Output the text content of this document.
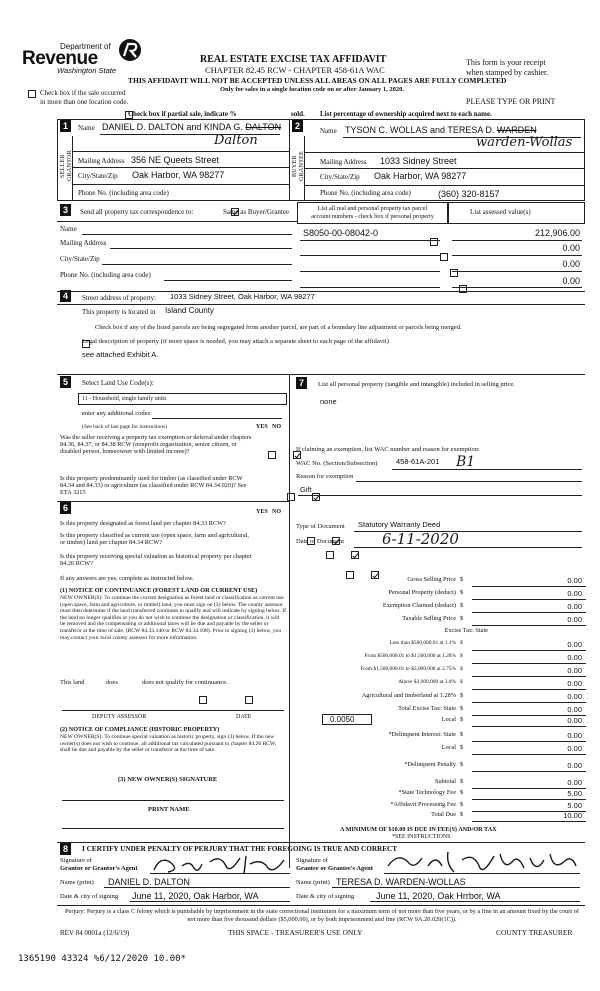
Department of
Revenue
Washington State
REAL ESTATE EXCISE TAX AFFIDAVIT
CHAPTER 82.45 RCW - CHAPTER 458-61A WAC
THIS AFFIDAVIT WILL NOT BE ACCEPTED UNLESS ALL AREAS ON ALL PAGES ARE FULLY COMPLETED
Only for sales in a single location code on or after January 1, 2020.
This form is your receipt
when stamped by cashier.
PLEASE TYPE OR PRINT

Check box if the sale occurred
in more than one location code.

Check box if partial sale, indicate %	sold. List percentage of ownership acquired next to each name.
1
SELLER GRANTOR
Name DANIEL D. DALTON and KINDA G. DALTON
Dalton
Mailing Address 356 NE Queets Street
City/State/Zip Oak Harbor, WA 98277
Phone No. (including area code)
2
BUYER GRANTEE
Name TYSON C. WOLLAS and TERESA D. WARDEN
warden-Wollas
Mailing Address 1033 Sidney Street
City/State/Zip Oak Harbor, WA 98277
Phone No. (including area code)	(360) 320-8157
3	Send all property tax correspondence to:	Same as Buyer/Grantee
Name
Mailing Address
City/State/Zip
Phone No. (including area code)
List all real and personal property tax parcel
account numbers - check box if personal property
List assessed value(s)
S8050-00-08042-0
	212,906.00

0.00

0.00
0.00
4	Street address of property: 1033 Sidney Street, Oak Harbor, WA 98277
This property is located in Island County

Check box if any of the listed parcels are being segregated from another parcel, are part of a boundary line adjustment or parcels being merged.
Legal description of property (if more space is needed, you may attach a separate sheet to each page of the affidavit)
see attached Exhibit A.
5	Select Land Use Code(s):
11 - Household, single family units
enter any additional codes:
(See back of last page for instructions)	YES NO
Was the seller receiving a property tax exemption or deferral under chapters 84.36, 84.37, or 84.38 RCW (nonprofit organization, senior citizen, or disabled person, homeowner with limited income)?

Is this property predominantly used for timber (as classified under RCW 84.34 and 84.33) or agriculture (as classified under RCW 84.34.020)? See ETA 3215

6	YES NO
Is this property designated as forest land per chapter 84.33 RCW?

Is this property classified as current use (open space, farm and agricultural, or timber) land per chapter 84.34 RCW?

Is this property receiving special valuation as historical property per chapter 84.26 RCW?

If any answers are yes, complete as instructed below.
(1) NOTICE OF CONTINUANCE (FOREST LAND OR CURRENT USE)
NEW OWNER(S): To continue the current designation as forest land or classification as current use (open space, farm and agriculture, or timber) land, you must sign on (3) below. The county assessor must then determine if the land transferred continues to qualify and will indicate by signing below. If the land no longer qualifies or you do not wish to continue the designation or classification, it will be removed and the compensating or additional taxes will be due and payable by the seller or transferor at the time of sale. (RCW 84.33.140 or RCW 84.34.108). Prior to signing (3) below, you may contact your local county assessor for more information.
This land
	does	does not qualify for continuance.
DEPUTY ASSESSOR	DATE
(2) NOTICE OF COMPLIANCE (HISTORIC PROPERTY)
NEW OWNER(S): To continue special valuation as historic property, sign (3) below. If the new owner(s) does not wish to continue, all additional tax calculated pursuant to chapter 84.26 RCW, shall be due and payable by the seller or transferor at the time of sale.
(3) NEW OWNER(S) SIGNATURE
PRINT NAME
7	List all personal property (tangible and intangible) included in selling price.
none
If claiming an exemption, list WAC number and reason for exemption:
WAC No. (Section/Subsection) 458-61A-201 B1
Reason for exemption
Gift
Type of Document Statutory Warranty Deed
Date of Document	6-11-2020
Gross Selling Price $	0.00
Personal Property (deduct) $	0.00
Exemption Claimed (deduct) $	0.00
Taxable Selling Price $	0.00
Excise Tax: State
Less than $500,000.01 at 1.1% $	0.00
From $500,000.01 to $1,500,000 at 1.28% $	0.00
From $1,500,000.01 to $3,000,000 at 2.75% $	0.00
Above $3,000,000 at 3.0% $	0.00
Agricultural and timberland at 1.28% $	0.00
Total Excise Tax: State $	0.00
0.0050	Local $	0.00
*Delinquent Interest: State $	0.00
Local $	0.00
*Delinquent Penalty $	0.00
Subtotal $	0.00
*State Technology Fee $	5.00
*Affidavit Processing Fee $	5.00
Total Due $	10.00
A MINIMUM OF $10.00 IS DUE IN FEE(S) AND/OR TAX
*SEE INSTRUCTIONS
8	I CERTIFY UNDER PENALTY OF PERJURY THAT THE FOREGOING IS TRUE AND CORRECT
Signature of
Grantor or Grantor's Agent
Signature of
Grantee or Grantee's Agent
Name (print) DANIEL D. DALTON	Name (print) TERESA D. WARDEN-WOLLAS
Date & city of signing June 11, 2020, Oak Harbor, WA	Date & city of signing June 11, 2020, Oak Hrrbor, WA
Perjury: Perjury is a class C felony which is punishable by imprisonment in the state correctional institution for a maximum term of not more than five years, or by a fine in an amount fixed by the court of not more than five thousand dollars ($5,000.00), or by both imprisonment and fine (RCW 9A.20.020(1C)).
REV 84 0001a (12/6/19)	THIS SPACE - TREASURER'S USE ONLY	COUNTY TREASURER
1365190 43324 %6/12/2020 10.00*
